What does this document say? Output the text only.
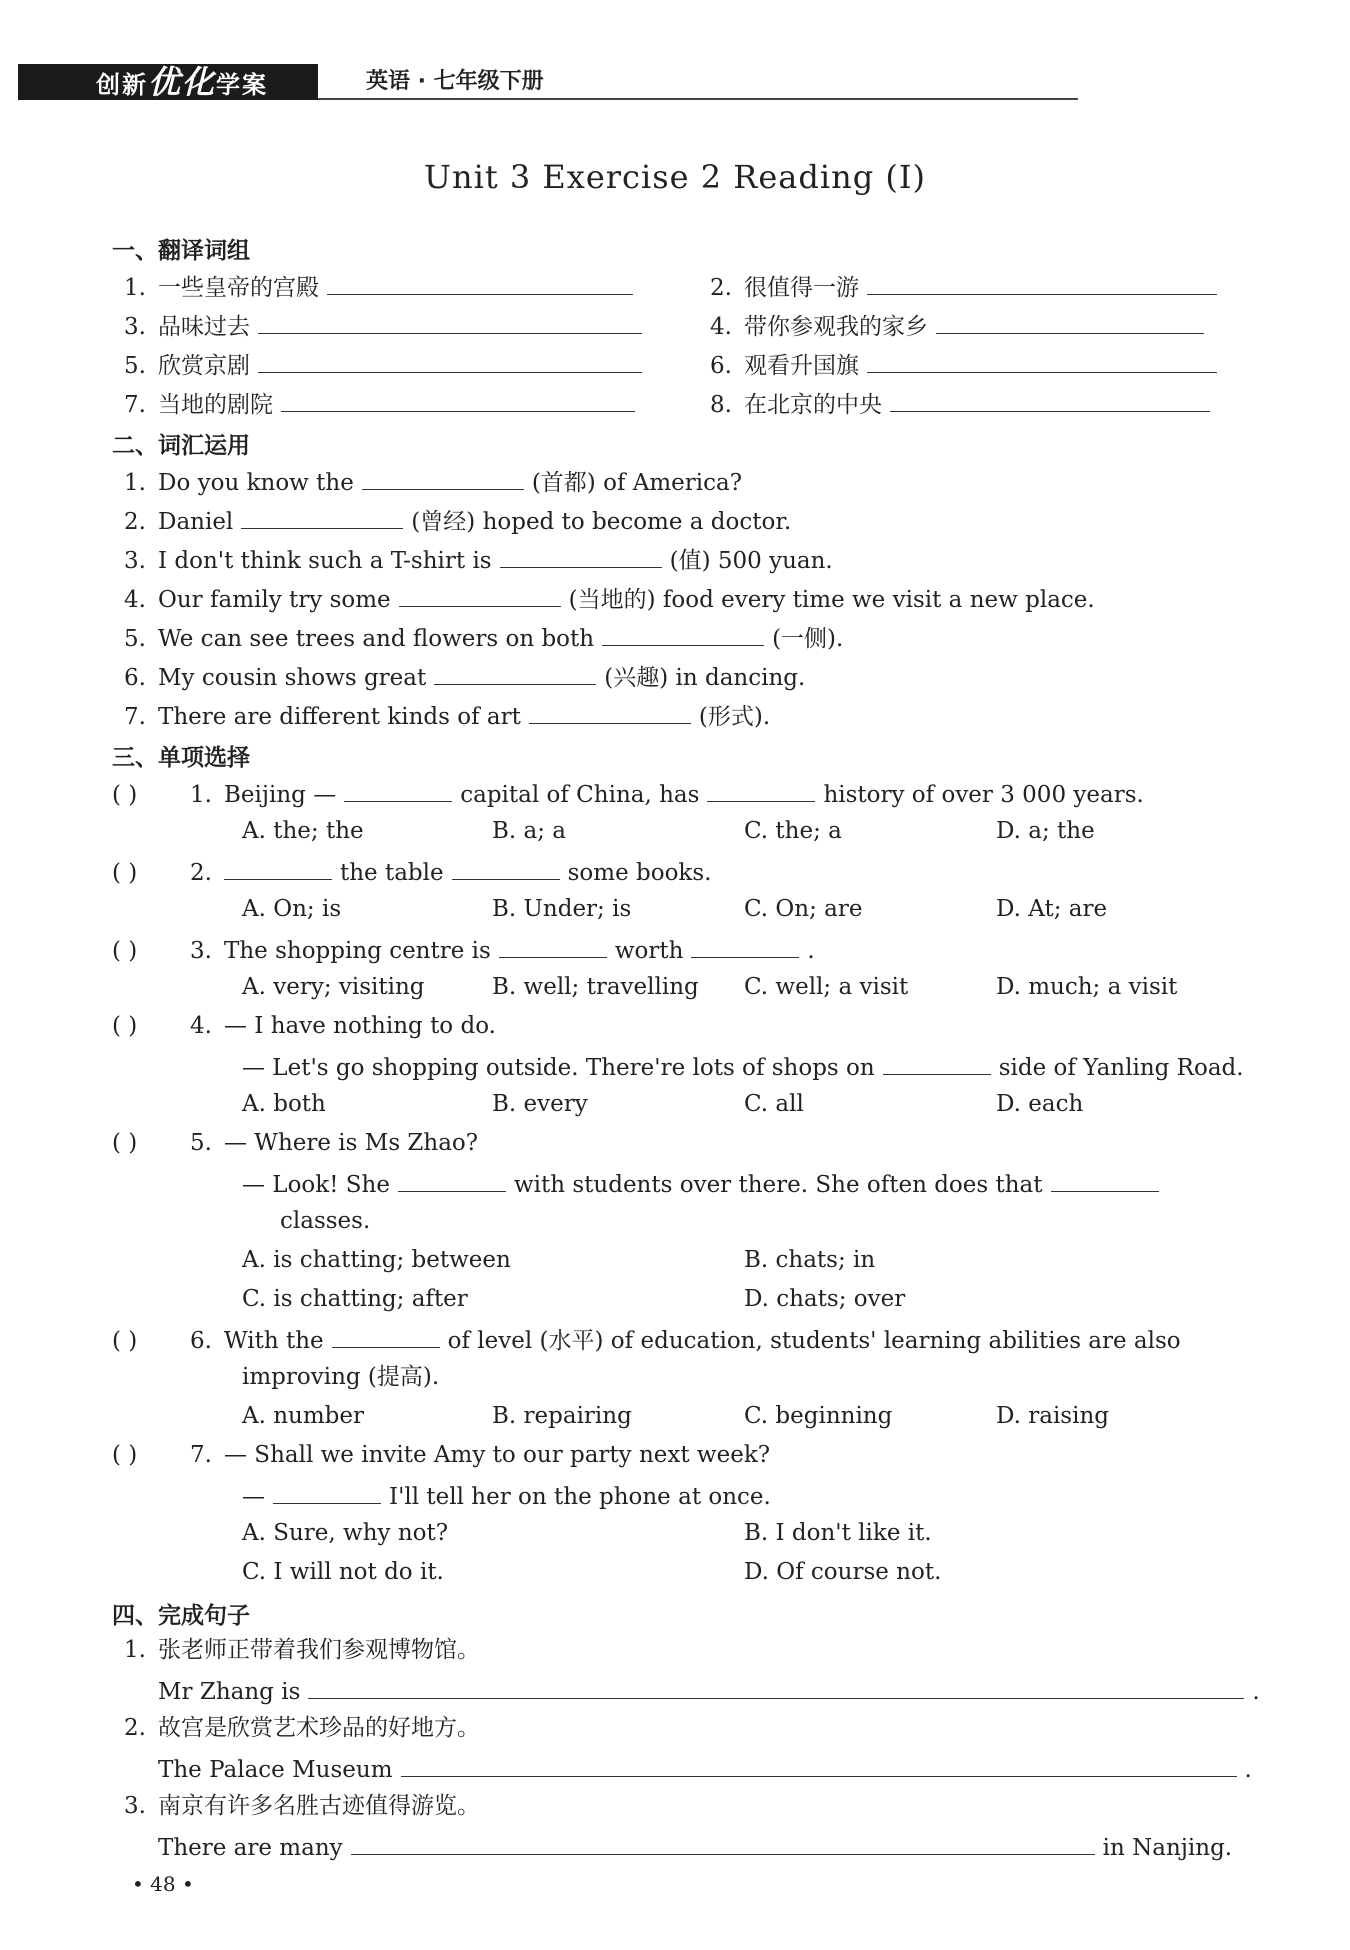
创新优化学案	英语 · 七年级下册
Unit 3 Exercise 2 Reading (Ⅰ)
一、翻译词组
1. 一些皇帝的宫殿	2. 很值得一游
3. 品味过去	4. 带你参观我的家乡
5. 欣赏京剧	6. 观看升国旗
7. 当地的剧院	8. 在北京的中央
二、词汇运用
1. Do you know the	(首都) of America?
2. Daniel	(曾经) hoped to become a doctor.
3. I don't think such a T-shirt is	(值) 500 yuan.
4. Our family try some	(当地的) food every time we visit a new place.
5. We can see trees and flowers on both	(一侧).
6. My cousin shows great	(兴趣) in dancing.
7. There are different kinds of art	(形式).
三、单项选择
( ) 1. Beijing —	capital of China, has	history of over 3 000 years.
A. the; the	B. a; a	C. the; a	D. a; the
( ) 2.	the table	some books.
A. On; is	B. Under; is	C. On; are	D. At; are
( ) 3. The shopping centre is	worth	.
A. very; visiting	B. well; travelling C. well; a visit	D. much; a visit
( ) 4. — I have nothing to do.
— Let's go shopping outside. There're lots of shops on	side of Yanling Road.
A. both	B. every	C. all	D. each
( ) 5. — Where is Ms Zhao?
— Look! She	with students over there. She often does that
classes.
A. is chatting; between	B. chats; in
C. is chatting; after	D. chats; over
( ) 6. With the	of level (水平) of education, students' learning abilities are also
improving (提高).
A. number	B. repairing	C. beginning	D. raising
( ) 7. — Shall we invite Amy to our party next week?
—	I'll tell her on the phone at once.
A. Sure, why not?	B. I don't like it.
C. I will not do it.	D. Of course not.
四、完成句子
1. 张老师正带着我们参观博物馆。
Mr Zhang is	.
2. 故宫是欣赏艺术珍品的好地方。
The Palace Museum	.
3. 南京有许多名胜古迹值得游览。
There are many	in Nanjing.
• 48 •
